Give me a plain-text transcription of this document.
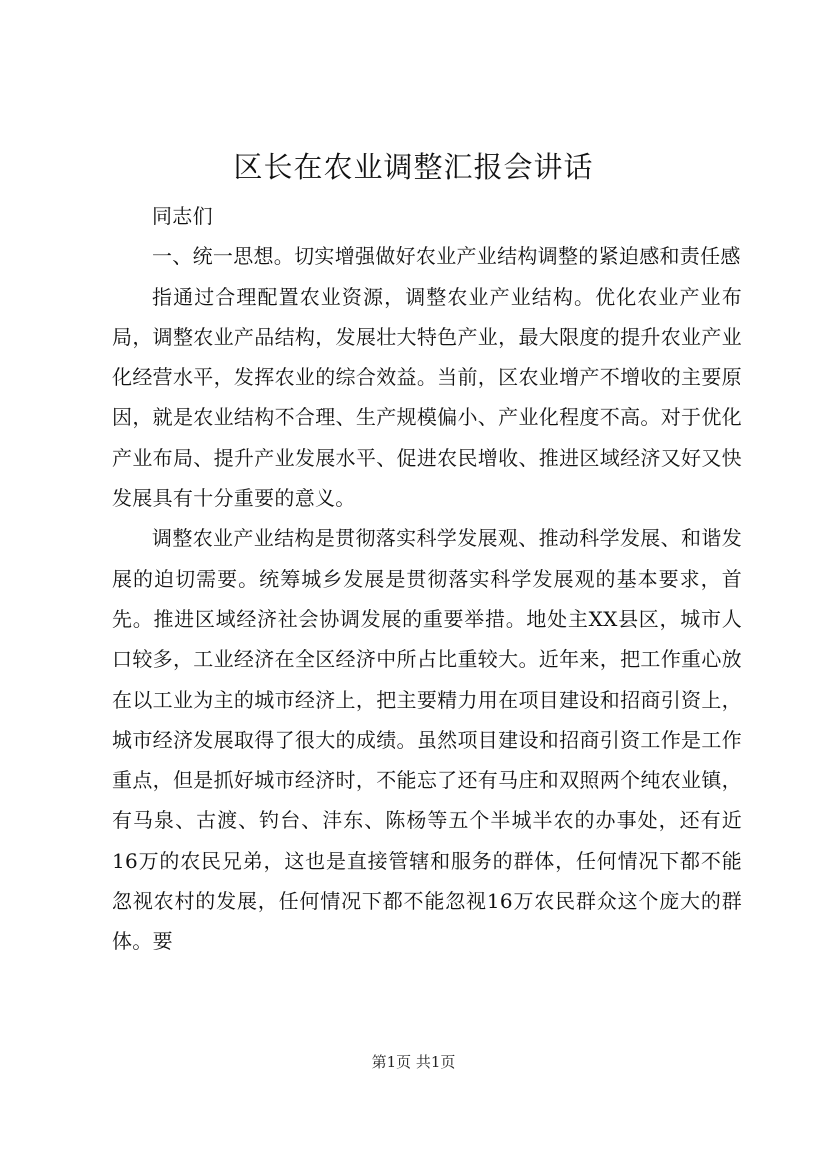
区长在农业调整汇报会讲话

同志们

一、统一思想。切实增强做好农业产业结构调整的紧迫感和责任感

指通过合理配置农业资源，调整农业产业结构。优化农业产业布局，调整农业产品结构，发展壮大特色产业，最大限度的提升农业产业化经营水平，发挥农业的综合效益。当前，区农业增产不增收的主要原因，就是农业结构不合理、生产规模偏小、产业化程度不高。对于优化产业布局、提升产业发展水平、促进农民增收、推进区域经济又好又快发展具有十分重要的意义。

调整农业产业结构是贯彻落实科学发展观、推动科学发展、和谐发展的迫切需要。统筹城乡发展是贯彻落实科学发展观的基本要求，首先。推进区域经济社会协调发展的重要举措。地处主XX县区，城市人口较多，工业经济在全区经济中所占比重较大。近年来，把工作重心放在以工业为主的城市经济上，把主要精力用在项目建设和招商引资上，城市经济发展取得了很大的成绩。虽然项目建设和招商引资工作是工作重点，但是抓好城市经济时，不能忘了还有马庄和双照两个纯农业镇，有马泉、古渡、钓台、沣东、陈杨等五个半城半农的办事处，还有近16万的农民兄弟，这也是直接管辖和服务的群体，任何情况下都不能忽视农村的发展，任何情况下都不能忽视16万农民群众这个庞大的群体。要

第1页 共1页
